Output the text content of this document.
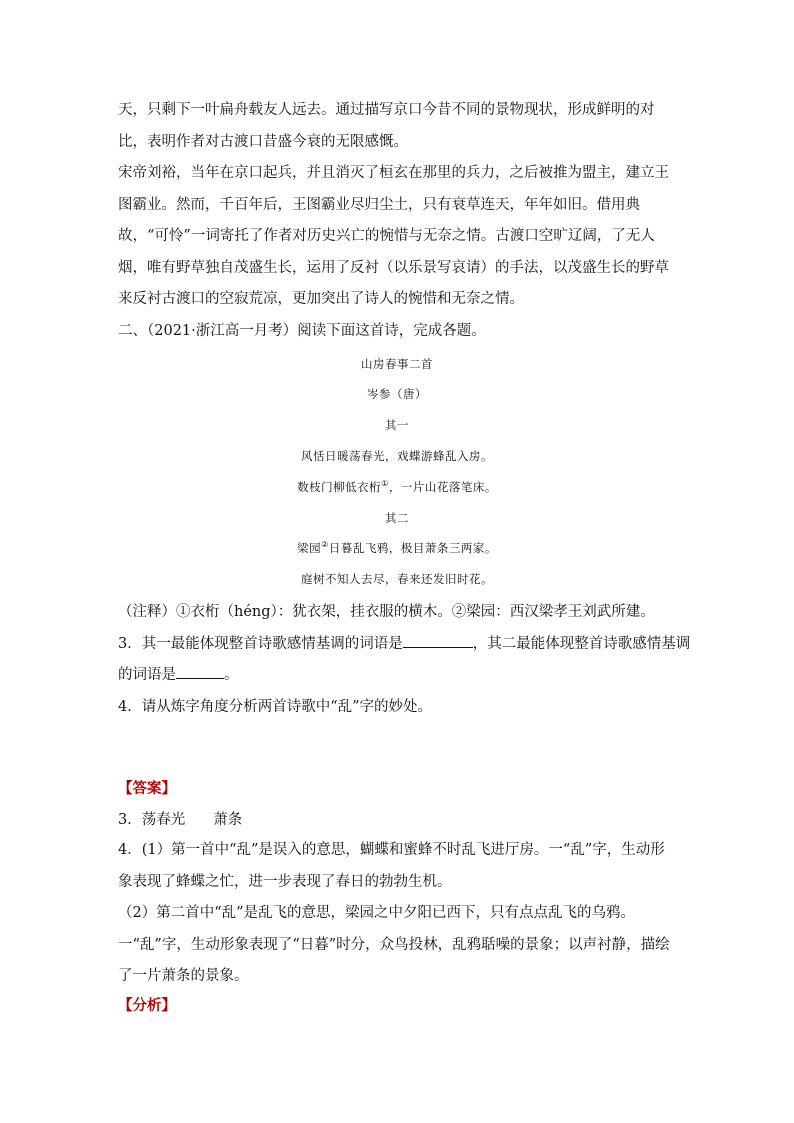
天，只剩下一叶扁舟载友人远去。通过描写京口今昔不同的景物现状，形成鲜明的对比，表明作者对古渡口昔盛今衰的无限感慨。

宋帝刘裕，当年在京口起兵，并且消灭了桓玄在那里的兵力，之后被推为盟主，建立王图霸业。然而，千百年后，王图霸业尽归尘土，只有衰草连天，年年如旧。借用典故，“可怜”一词寄托了作者对历史兴亡的惋惜与无奈之情。古渡口空旷辽阔，了无人烟，唯有野草独自茂盛生长，运用了反衬（以乐景写哀请）的手法，以茂盛生长的野草来反衬古渡口的空寂荒凉，更加突出了诗人的惋惜和无奈之情。

二、（2021·浙江高一月考）阅读下面这首诗，完成各题。
山房春事二首
岑参（唐）
其一
风恬日暖荡春光，戏蝶游蜂乱入房。
数枝门柳低衣桁①，一片山花落笔床。
其二
梁园②日暮乱飞鸦，极目萧条三两家。
庭树不知人去尽，春来还发旧时花。
（注释）①衣桁（héng）：犹衣架，挂衣服的横木。②梁园：西汉梁孝王刘武所建。
3．其一最能体现整首诗歌感情基调的词语是	，其二最能体现整首诗歌感情基调
的词语是	。
4．请从炼字角度分析两首诗歌中“乱”字的妙处。
【答案】
3．荡春光 萧条

4．(1）第一首中“乱”是误入的意思，蝴蝶和蜜蜂不时乱飞进厅房。一“乱”字，生动形象表现了蜂蝶之忙，进一步表现了春日的勃勃生机。

（2）第二首中“乱”是乱飞的意思，梁园之中夕阳已西下，只有点点乱飞的乌鸦。一“乱”字，生动形象表现了“日暮”时分，众鸟投林，乱鸦聒噪的景象；以声衬静，描绘了一片萧条的景象。

【分析】
